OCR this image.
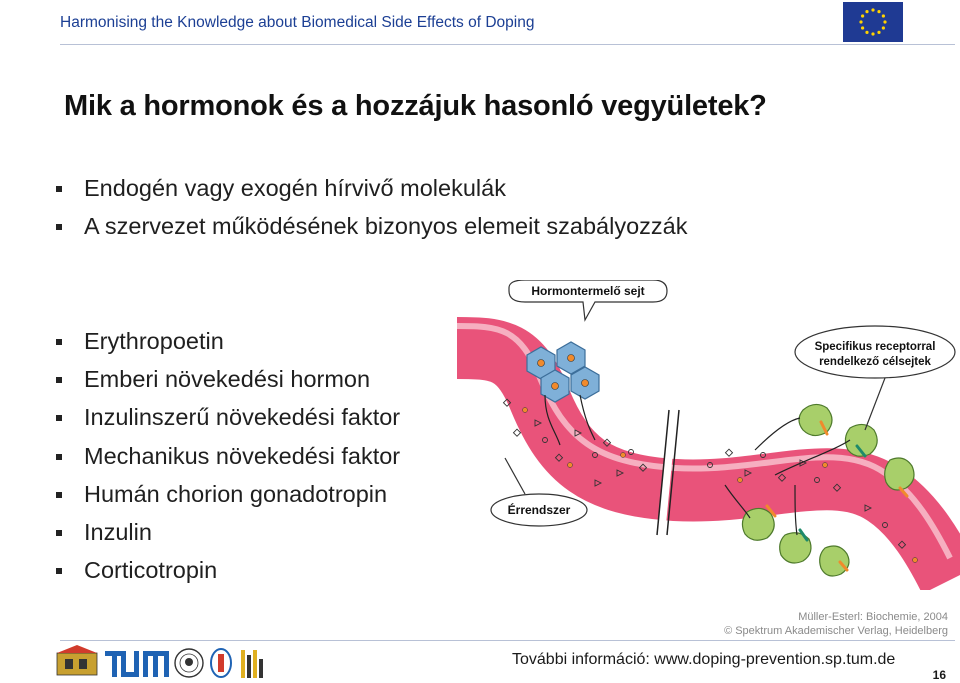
Harmonising the Knowledge about Biomedical Side Effects of Doping
Mik a hormonok és a hozzájuk hasonló vegyületek?
Endogén vagy exogén hírvivő molekulák
A szervezet működésének bizonyos elemeit szabályozzák
Erythropoetin
Emberi növekedési hormon
Inzulinszerű növekedési faktor
Mechanikus növekedési faktor
Humán chorion gonadotropin
Inzulin
Corticotropin
Hormontermelő sejt
Specifikus receptorral
rendelkező célsejtek
Érrendszer
Müller-Esterl: Biochemie, 2004
© Spektrum Akademischer Verlag, Heidelberg
További információ: www.doping-prevention.sp.tum.de
16
